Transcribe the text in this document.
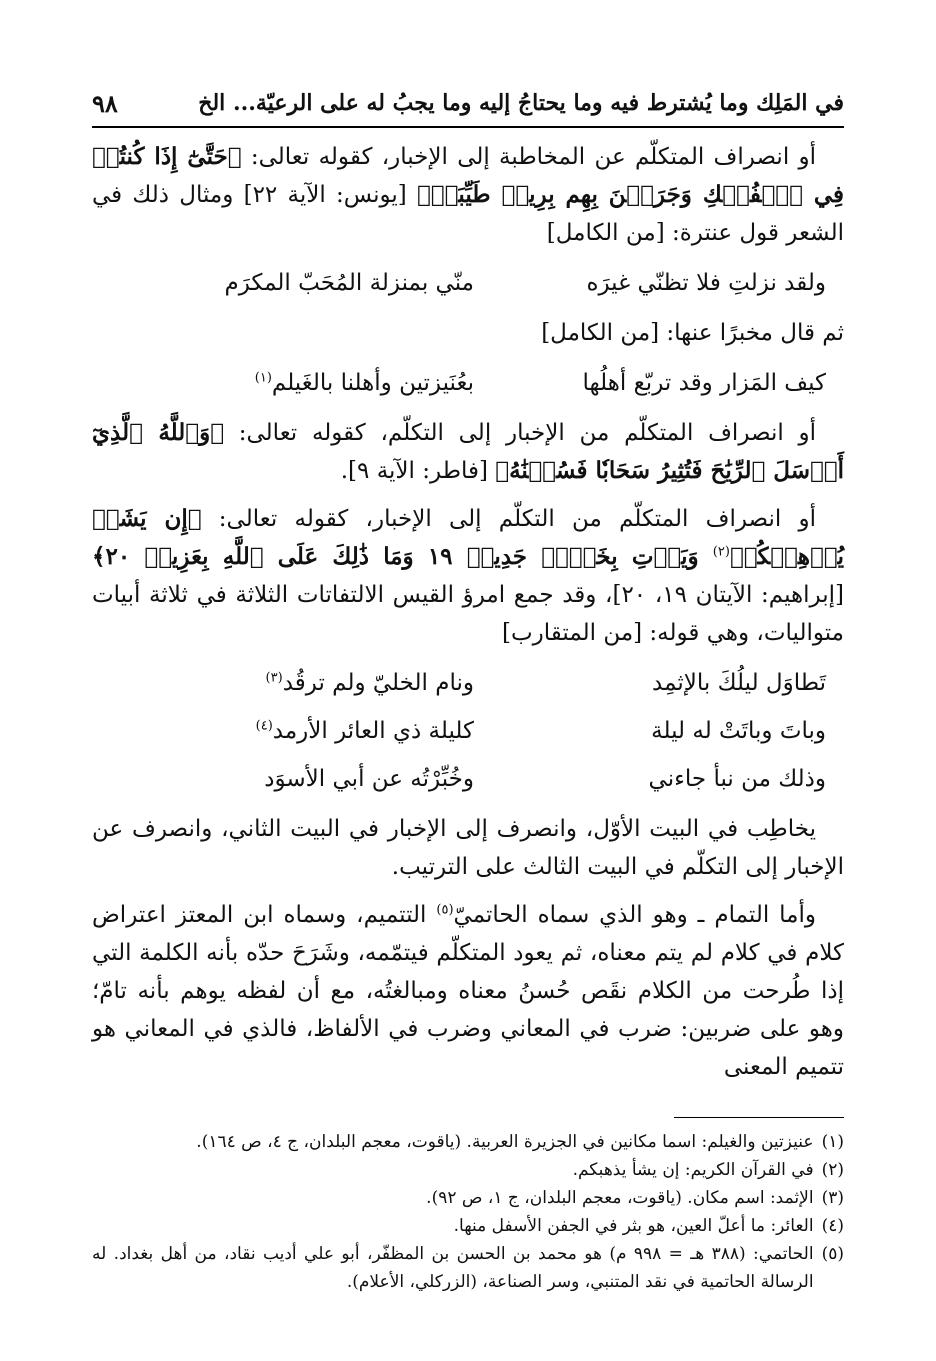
في المَلِك وما يُشترط فيه وما يحتاجُ إليه وما يجبُ له على الرعيّة... الخ
٩٨

أو انصراف المتكلّم عن المخاطبة إلى الإخبار، كقوله تعالى: ﴿حَتَّىٰٓ إِذَا كُنتُمۡ فِي ٱلۡفُلۡكِ وَجَرَيۡنَ بِهِم بِرِيحٖ طَيِّبَةٖ﴾ [يونس: الآية ٢٢] ومثال ذلك في الشعر قول عنترة: [من الكامل]

ولقد نزلتِ فلا تظنّي غيرَه
منّي بمنزلة المُحَبّ المكرَم

ثم قال مخبرًا عنها: [من الكامل]

كيف المَزار وقد تربّع أهلُها
بعُنَيزتين وأهلنا بالغَيلم$^{(١)}$

أو انصراف المتكلّم من الإخبار إلى التكلّم، كقوله تعالى: ﴿وَٱللَّهُ ٱلَّذِيٓ أَرۡسَلَ ٱلرِّيَٰحَ فَتُثِيرُ سَحَابٗا فَسُقۡنَٰهُ﴾ [فاطر: الآية ٩].

أو انصراف المتكلّم من التكلّم إلى الإخبار، كقوله تعالى: ﴿إِن يَشَأۡ يُذۡهِبۡكُمۡ$^{(٢)}$ وَيَأۡتِ بِخَلۡقٖ جَدِيدٖ ١٩ وَمَا ذَٰلِكَ عَلَى ٱللَّهِ بِعَزِيزٖ ٢٠﴾ [إبراهيم: الآيتان ١٩، ٢٠]، وقد جمع امرؤ القيس الالتفاتات الثلاثة في ثلاثة أبيات متواليات، وهي قوله: [من المتقارب]

تَطاوَل ليلُكَ بالإثمِد
ونام الخليّ ولم ترقُد$^{(٣)}$
وباتَ وباتَتْ له ليلة
كليلة ذي العائر الأرمد$^{(٤)}$
وذلك من نبأ جاءني
وخُبِّرْتُه عن أبي الأسوَد

يخاطِب في البيت الأوّل، وانصرف إلى الإخبار في البيت الثاني، وانصرف عن الإخبار إلى التكلّم في البيت الثالث على الترتيب.

وأما التمام ـ وهو الذي سماه الحاتميّ$^{(٥)}$ التتميم، وسماه ابن المعتز اعتراض كلام في كلام لم يتم معناه، ثم يعود المتكلّم فيتمّمه، وشَرَحَ حدّه بأنه الكلمة التي إذا طُرحت من الكلام نقَص حُسنُ معناه ومبالغتُه، مع أن لفظه يوهم بأنه تامّ؛ وهو على ضربين: ضرب في المعاني وضرب في الألفاظ، فالذي في المعاني هو تتميم المعنى

(١)
عنيزتين والغيلم: اسما مكانين في الجزيرة العربية. (ياقوت، معجم البلدان، ج ٤، ص ١٦٤).

(٢)
في القرآن الكريم: إن يشأ يذهبكم.

(٣)
الإثمد: اسم مكان. (ياقوت، معجم البلدان، ج ١، ص ٩٢).

(٤)
العائر: ما أعلّ العين، هو بثر في الجفن الأسفل منها.

(٥)
الحاتمي: (٣٨٨ هـ = ٩٩٨ م) هو محمد بن الحسن بن المظفّر، أبو علي أديب نقاد، من أهل بغداد. له الرسالة الحاتمية في نقد المتنبي، وسر الصناعة، (الزركلي، الأعلام).
